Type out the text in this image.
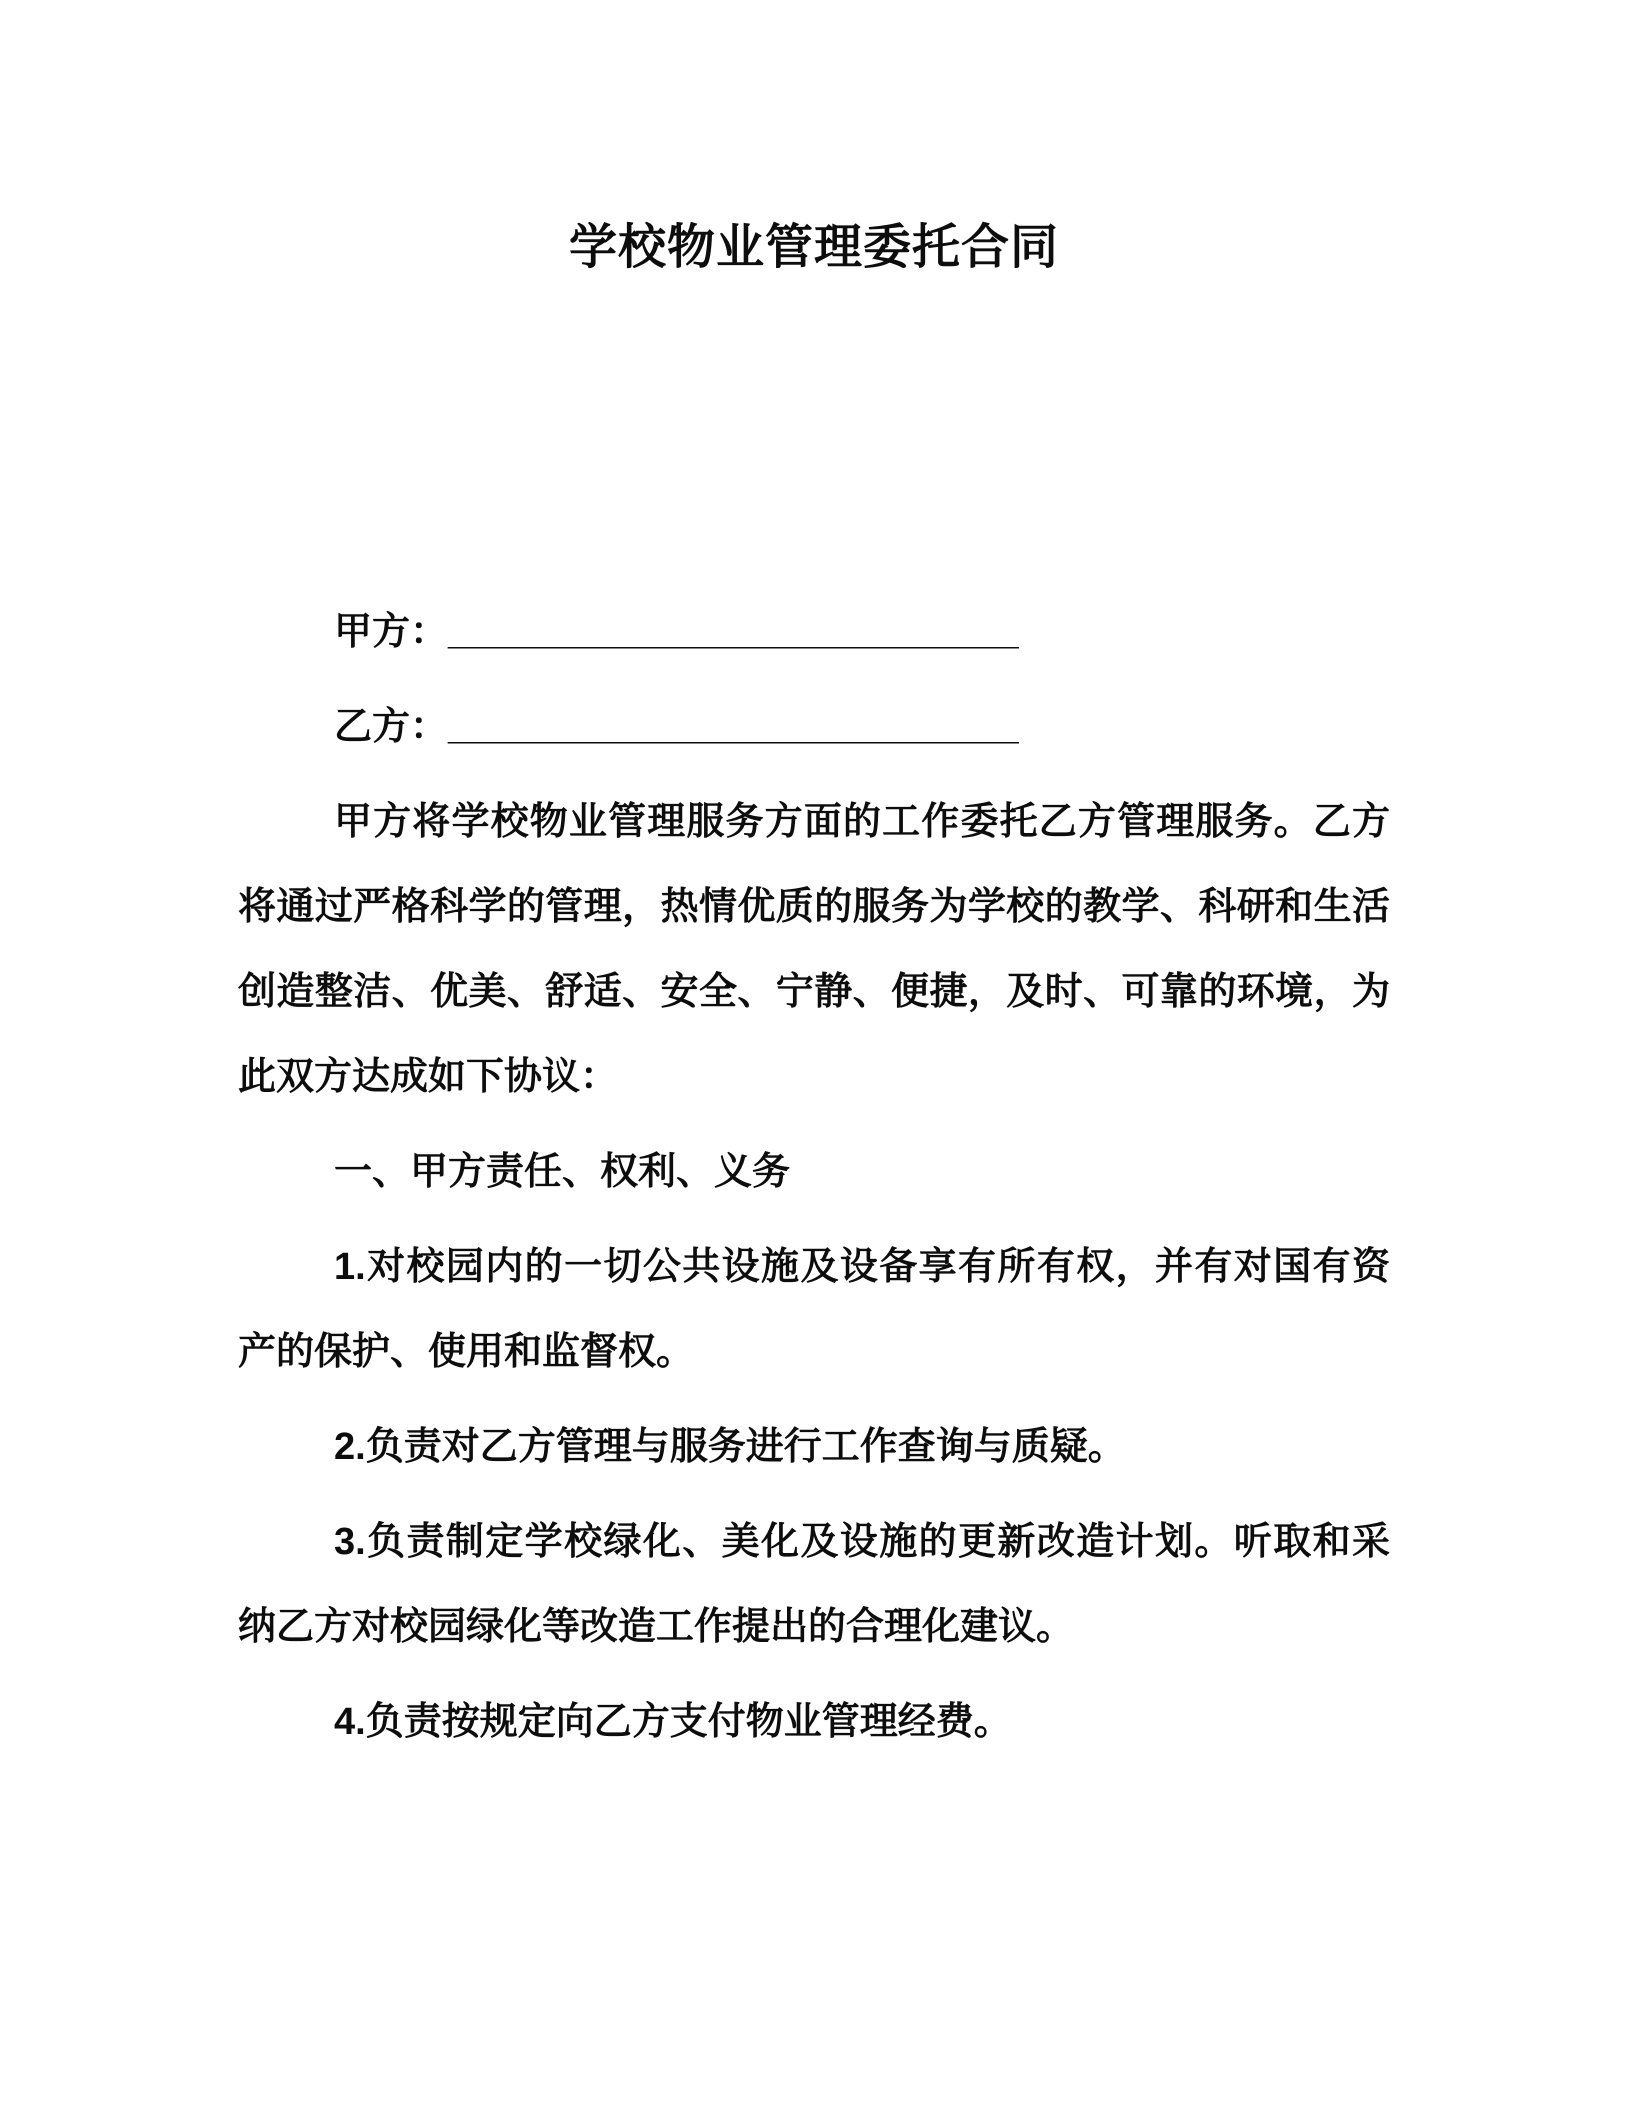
学校物业管理委托合同

甲方：___________________________

乙方：___________________________

甲方将学校物业管理服务方面的工作委托乙方管理服务。乙方将通过严格科学的管理，热情优质的服务为学校的教学、科研和生活创造整洁、优美、舒适、安全、宁静、便捷，及时、可靠的环境，为此双方达成如下协议：

一、甲方责任、权利、义务

1.对校园内的一切公共设施及设备享有所有权，并有对国有资产的保护、使用和监督权。

2.负责对乙方管理与服务进行工作查询与质疑。

3.负责制定学校绿化、美化及设施的更新改造计划。听取和采纳乙方对校园绿化等改造工作提出的合理化建议。

4.负责按规定向乙方支付物业管理经费。
